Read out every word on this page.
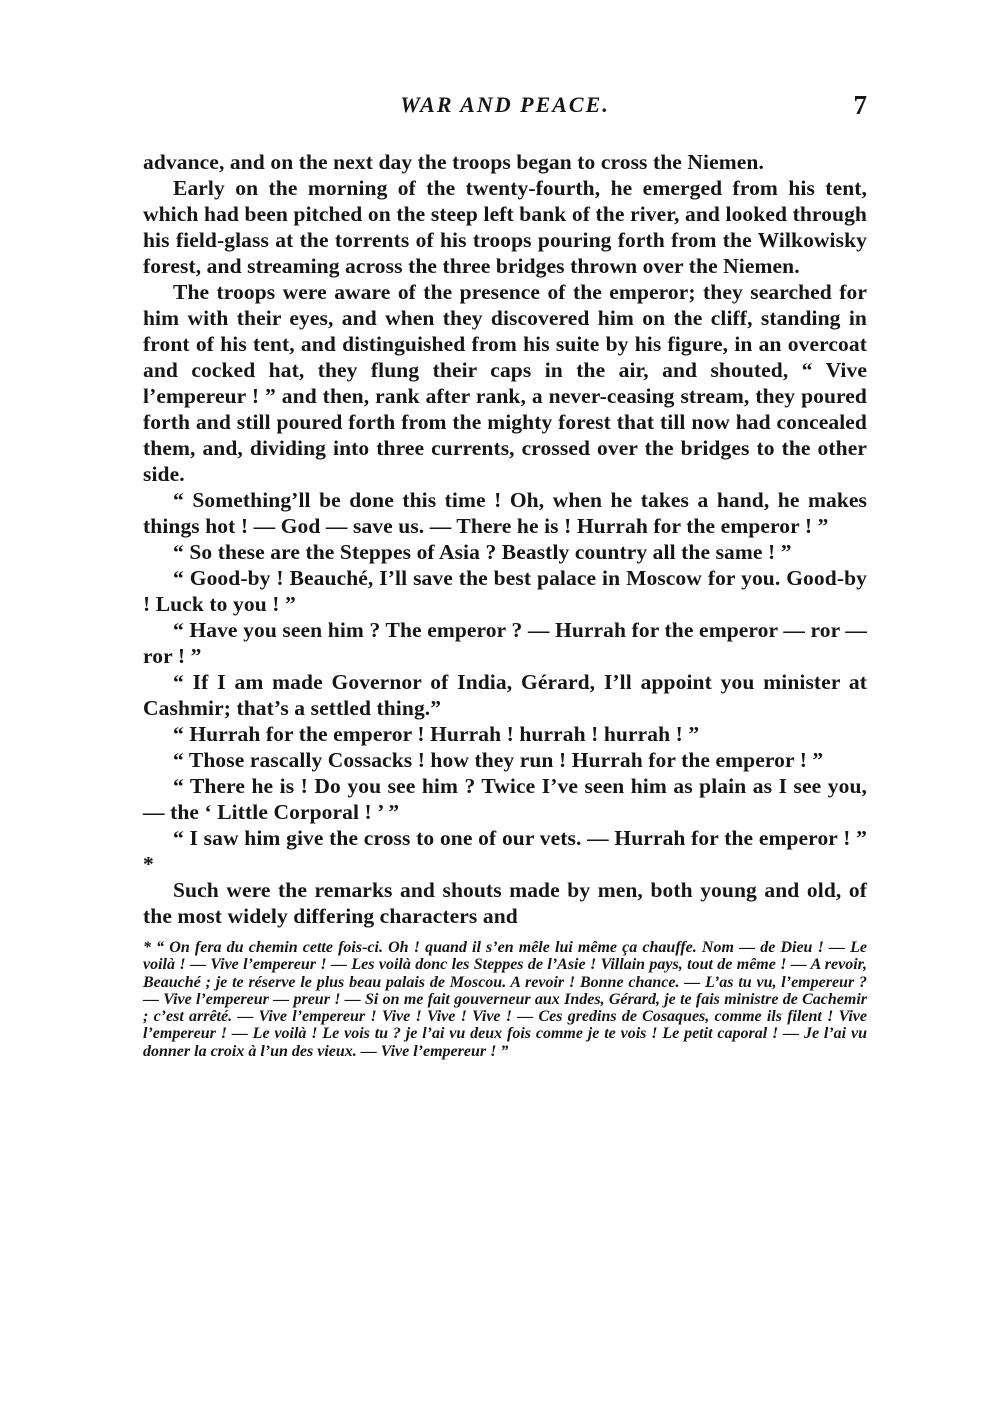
WAR AND PEACE.	7

advance, and on the next day the troops began to cross the Niemen.

Early on the morning of the twenty-fourth, he emerged from his tent, which had been pitched on the steep left bank of the river, and looked through his field-glass at the torrents of his troops pouring forth from the Wilkowisky forest, and streaming across the three bridges thrown over the Niemen.

The troops were aware of the presence of the emperor; they searched for him with their eyes, and when they discovered him on the cliff, standing in front of his tent, and distinguished from his suite by his figure, in an overcoat and cocked hat, they flung their caps in the air, and shouted, “ Vive l’empereur ! ” and then, rank after rank, a never-ceasing stream, they poured forth and still poured forth from the mighty forest that till now had concealed them, and, dividing into three currents, crossed over the bridges to the other side.

“ Something’ll be done this time ! Oh, when he takes a hand, he makes things hot ! — God — save us. — There he is ! Hurrah for the emperor ! ”

“ So these are the Steppes of Asia ? Beastly country all the same ! ”

“ Good-by ! Beauché, I’ll save the best palace in Moscow for you. Good-by ! Luck to you ! ”

“ Have you seen him ? The emperor ? — Hurrah for the emperor — ror — ror ! ”

“ If I am made Governor of India, Gérard, I’ll appoint you minister at Cashmir; that’s a settled thing.”

“ Hurrah for the emperor ! Hurrah ! hurrah ! hurrah ! ”

“ Those rascally Cossacks ! how they run ! Hurrah for the emperor ! ”

“ There he is ! Do you see him ? Twice I’ve seen him as plain as I see you, — the ‘ Little Corporal ! ’ ”

“ I saw him give the cross to one of our vets. — Hurrah for the emperor ! ” *

Such were the remarks and shouts made by men, both young and old, of the most widely differing characters and

* “ On fera du chemin cette fois-ci. Oh ! quand il s’en mêle lui même ça chauffe. Nom — de Dieu ! — Le voilà ! — Vive l’empereur ! — Les voilà donc les Steppes de l’Asie ! Villain pays, tout de même ! — A revoir, Beauché ; je te réserve le plus beau palais de Moscou. A revoir ! Bonne chance. — L’as tu vu, l’empereur ? — Vive l’empereur — preur ! — Si on me fait gouverneur aux Indes, Gérard, je te fais ministre de Cachemir ; c’est arrêté. — Vive l’empereur ! Vive ! Vive ! Vive ! — Ces gredins de Cosaques, comme ils filent ! Vive l’empereur ! — Le voilà ! Le vois tu ? je l’ai vu deux fois comme je te vois ! Le petit caporal ! — Je l’ai vu donner la croix à l’un des vieux. — Vive l’empereur ! ”
